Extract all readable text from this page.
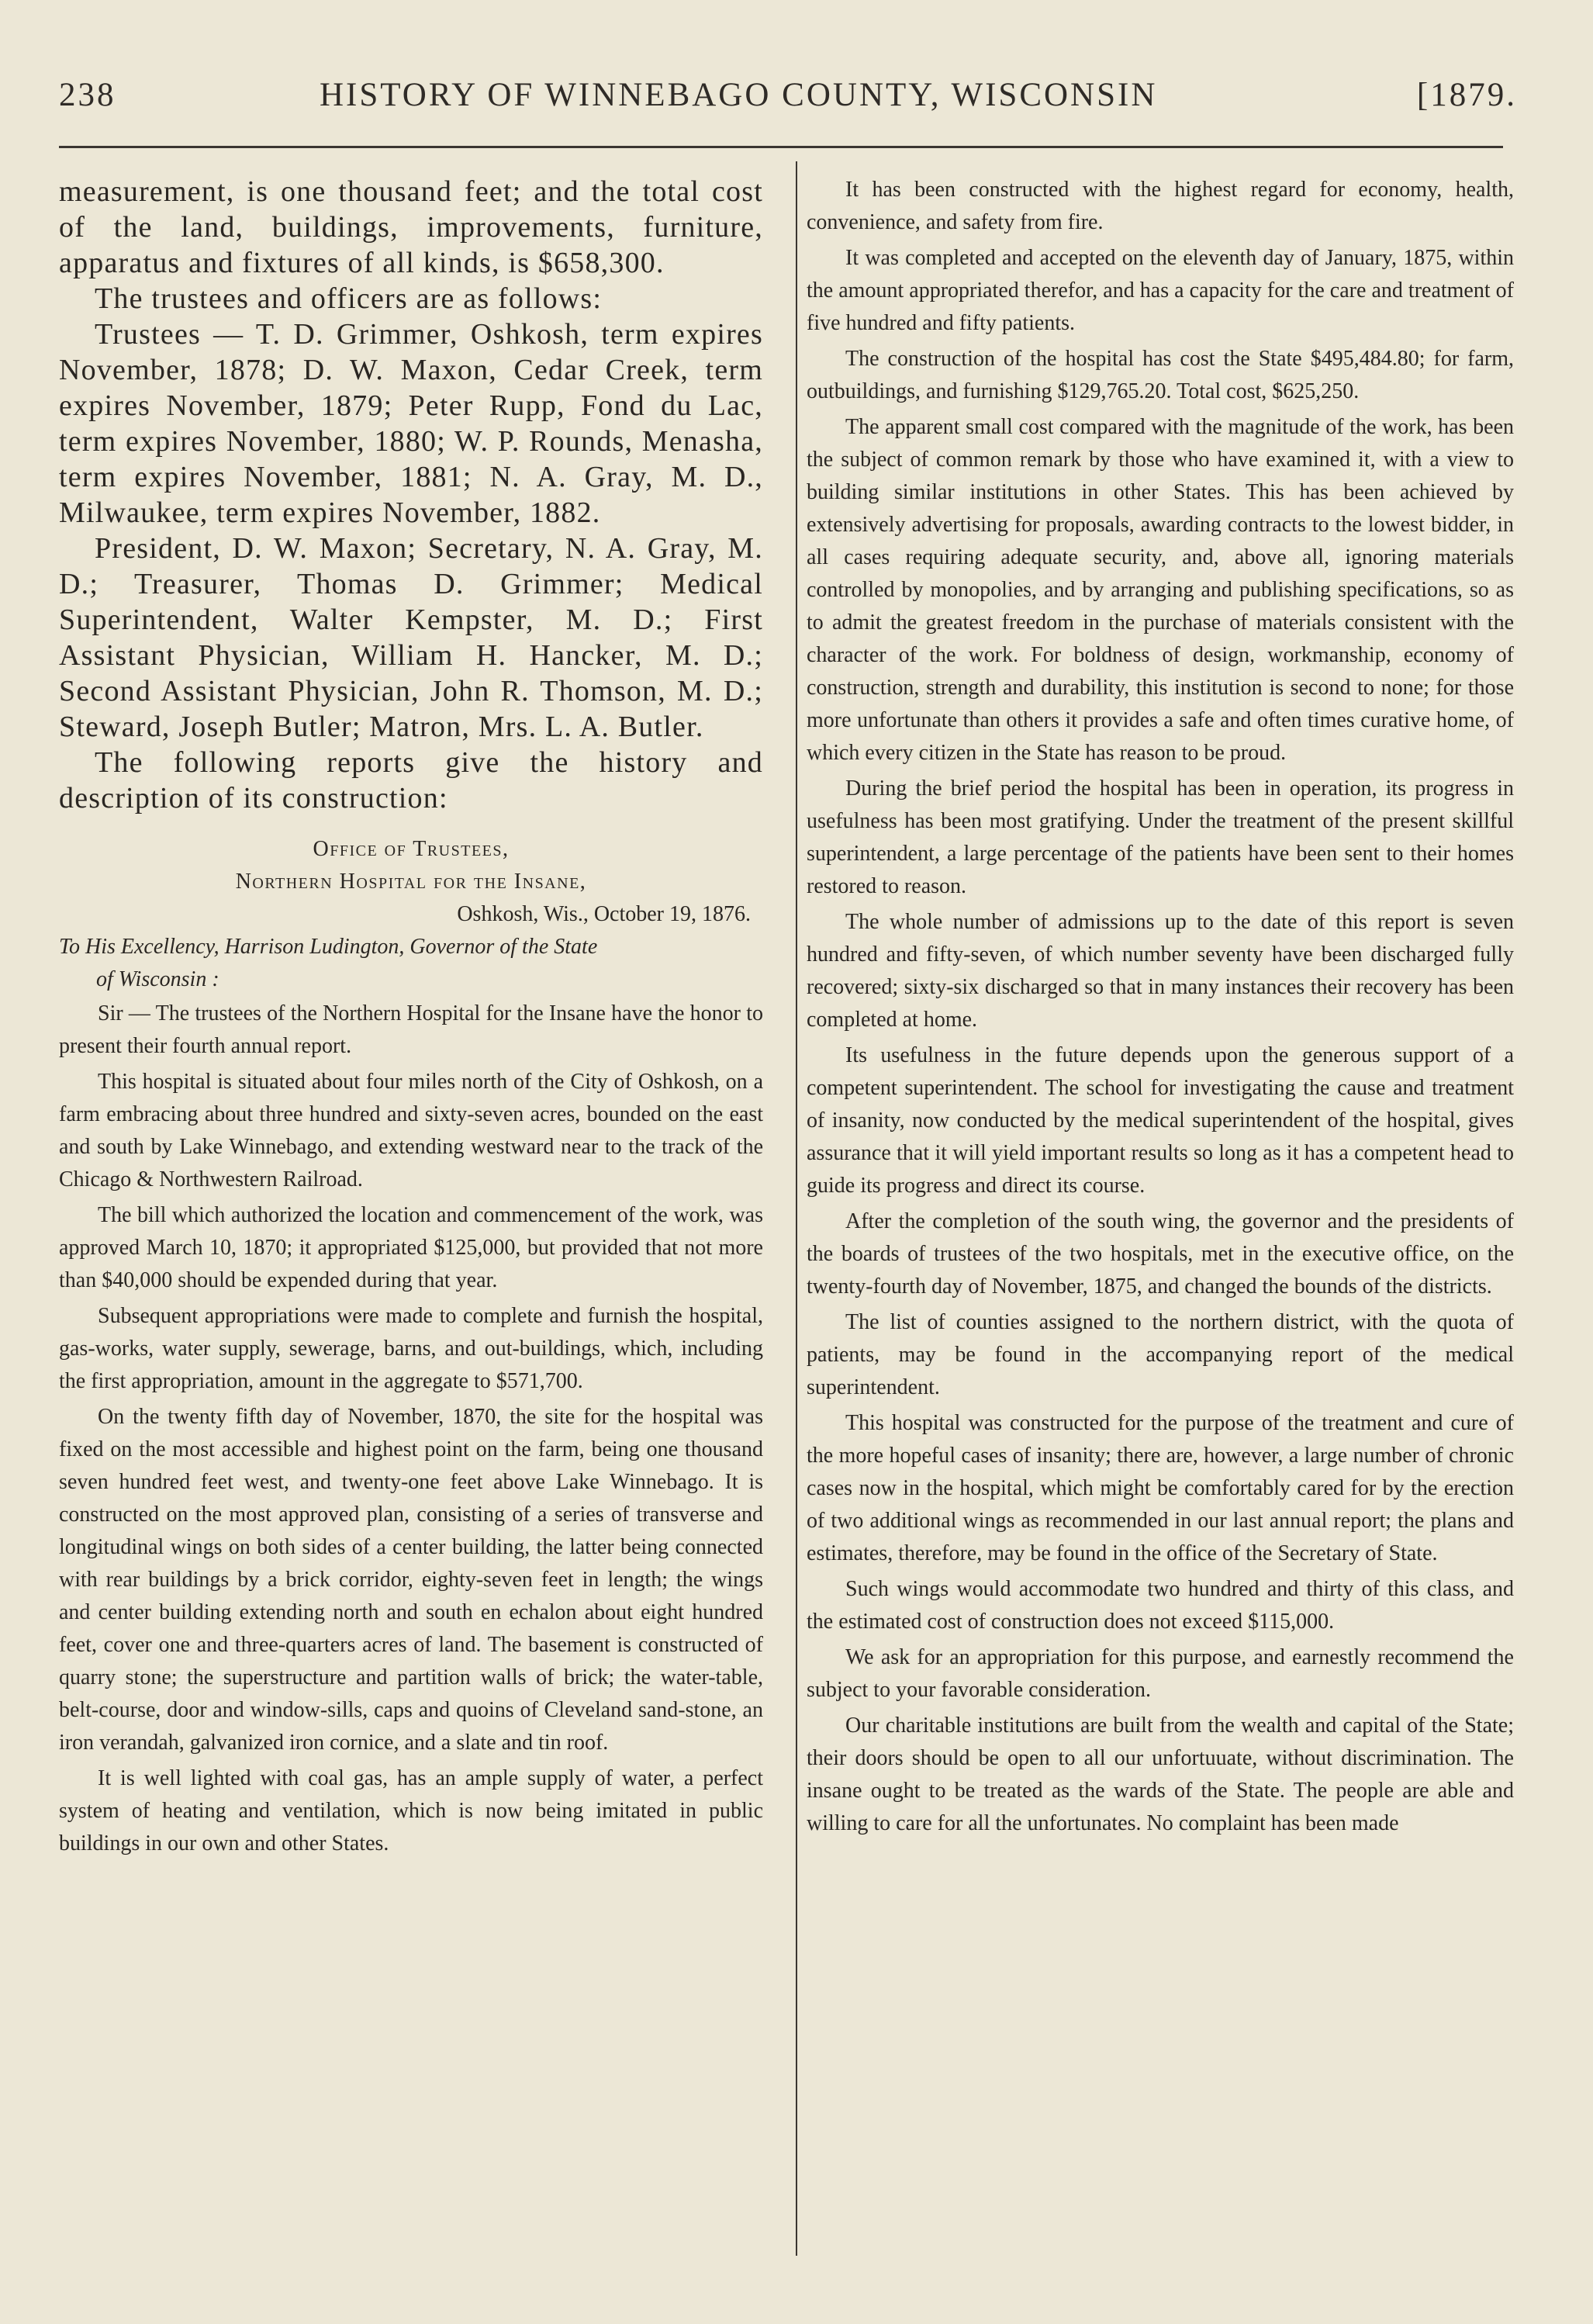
238	HISTORY OF WINNEBAGO COUNTY, WISCONSIN	[1879.

measurement, is one thousand feet; and the total cost of the land, buildings, improvements, furniture, apparatus and fixtures of all kinds, is $658,300.

The trustees and officers are as follows:

Trustees — T. D. Grimmer, Oshkosh, term expires November, 1878; D. W. Maxon, Cedar Creek, term expires November, 1879; Peter Rupp, Fond du Lac, term expires November, 1880; W. P. Rounds, Menasha, term expires November, 1881; N. A. Gray, M. D., Milwaukee, term expires November, 1882.

President, D. W. Maxon; Secretary, N. A. Gray, M. D.; Treasurer, Thomas D. Grimmer; Medical Superintendent, Walter Kempster, M. D.; First Assistant Physician, William H. Hancker, M. D.; Second Assistant Physician, John R. Thomson, M. D.; Steward, Joseph Butler; Matron, Mrs. L. A. Butler.

The following reports give the history and description of its construction:

Office of Trustees,
Northern Hospital for the Insane,
Oshkosh, Wis., October 19, 1876.
To His Excellency, Harrison Ludington, Governor of the State
of Wisconsin :

Sir — The trustees of the Northern Hospital for the Insane have the honor to present their fourth annual report.

This hospital is situated about four miles north of the City of Oshkosh, on a farm embracing about three hundred and sixty-seven acres, bounded on the east and south by Lake Winnebago, and extending westward near to the track of the Chicago & Northwestern Railroad.

The bill which authorized the location and commencement of the work, was approved March 10, 1870; it appropriated $125,000, but provided that not more than $40,000 should be expended during that year.

Subsequent appropriations were made to complete and furnish the hospital, gas-works, water supply, sewerage, barns, and out-buildings, which, including the first appropriation, amount in the aggregate to $571,700.

On the twenty fifth day of November, 1870, the site for the hospital was fixed on the most accessible and highest point on the farm, being one thousand seven hundred feet west, and twenty-one feet above Lake Winnebago. It is constructed on the most approved plan, consisting of a series of transverse and longitudinal wings on both sides of a center building, the latter being connected with rear buildings by a brick corridor, eighty-seven feet in length; the wings and center building extending north and south en echalon about eight hundred feet, cover one and three-quarters acres of land. The basement is constructed of quarry stone; the superstructure and partition walls of brick; the water-table, belt-course, door and window-sills, caps and quoins of Cleveland sand-stone, an iron verandah, galvanized iron cornice, and a slate and tin roof.

It is well lighted with coal gas, has an ample supply of water, a perfect system of heating and ventilation, which is now being imitated in public buildings in our own and other States.

It has been constructed with the highest regard for economy, health, convenience, and safety from fire.

It was completed and accepted on the eleventh day of January, 1875, within the amount appropriated therefor, and has a capacity for the care and treatment of five hundred and fifty patients.

The construction of the hospital has cost the State $495,484.80; for farm, outbuildings, and furnishing $129,765.20. Total cost, $625,250.

The apparent small cost compared with the magnitude of the work, has been the subject of common remark by those who have examined it, with a view to building similar institutions in other States. This has been achieved by extensively advertising for proposals, awarding contracts to the lowest bidder, in all cases requiring adequate security, and, above all, ignoring materials controlled by monopolies, and by arranging and publishing specifications, so as to admit the greatest freedom in the purchase of materials consistent with the character of the work. For boldness of design, workmanship, economy of construction, strength and durability, this institution is second to none; for those more unfortunate than others it provides a safe and often times curative home, of which every citizen in the State has reason to be proud.

During the brief period the hospital has been in operation, its progress in usefulness has been most gratifying. Under the treatment of the present skillful superintendent, a large percentage of the patients have been sent to their homes restored to reason.

The whole number of admissions up to the date of this report is seven hundred and fifty-seven, of which number seventy have been discharged fully recovered; sixty-six discharged so that in many instances their recovery has been completed at home.

Its usefulness in the future depends upon the generous support of a competent superintendent. The school for investigating the cause and treatment of insanity, now conducted by the medical superintendent of the hospital, gives assurance that it will yield important results so long as it has a competent head to guide its progress and direct its course.

After the completion of the south wing, the governor and the presidents of the boards of trustees of the two hospitals, met in the executive office, on the twenty-fourth day of November, 1875, and changed the bounds of the districts.

The list of counties assigned to the northern district, with the quota of patients, may be found in the accompanying report of the medical superintendent.

This hospital was constructed for the purpose of the treatment and cure of the more hopeful cases of insanity; there are, however, a large number of chronic cases now in the hospital, which might be comfortably cared for by the erection of two additional wings as recommended in our last annual report; the plans and estimates, therefore, may be found in the office of the Secretary of State.

Such wings would accommodate two hundred and thirty of this class, and the estimated cost of construction does not exceed $115,000.

We ask for an appropriation for this purpose, and earnestly recommend the subject to your favorable consideration.

Our charitable institutions are built from the wealth and capital of the State; their doors should be open to all our unfortuuate, without discrimination. The insane ought to be treated as the wards of the State. The people are able and willing to care for all the unfortunates. No complaint has been made
